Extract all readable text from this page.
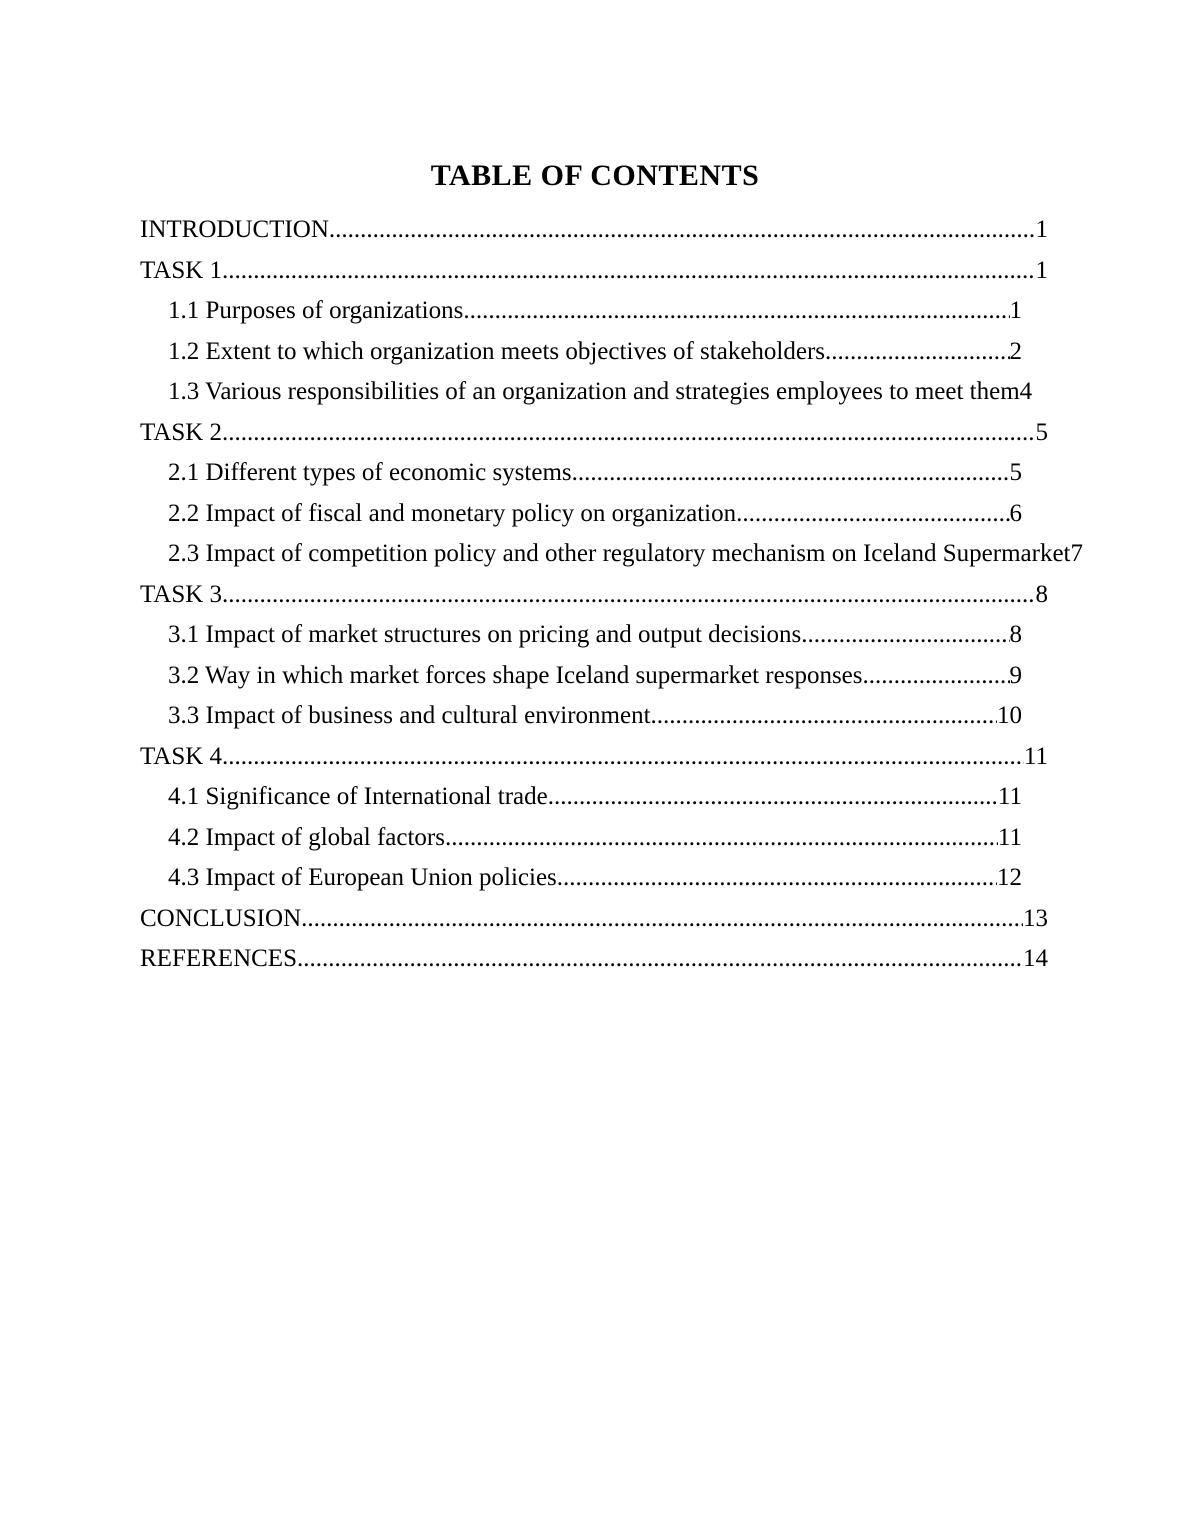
TABLE OF CONTENTS
INTRODUCTION .....	1
TASK 1 .....	1
1.1 Purposes of organizations .....	1
1.2 Extent to which organization meets objectives of stakeholders .....	2
1.3 Various responsibilities of an organization and strategies employees to meet them 4
TASK 2 .....	5
2.1 Different types of economic systems .....	5
2.2 Impact of fiscal and monetary policy on organization .....	6
2.3 Impact of competition policy and other regulatory mechanism on Iceland Supermarket 7
TASK 3 .....	8
3.1 Impact of market structures on pricing and output decisions .....	8
3.2 Way in which market forces shape Iceland supermarket responses .....	9
3.3 Impact of business and cultural environment .....	10
TASK 4 .....	11
4.1 Significance of International trade .....	11
4.2 Impact of global factors .....	11
4.3 Impact of European Union policies .....	12
CONCLUSION .....	13
REFERENCES .....	14
